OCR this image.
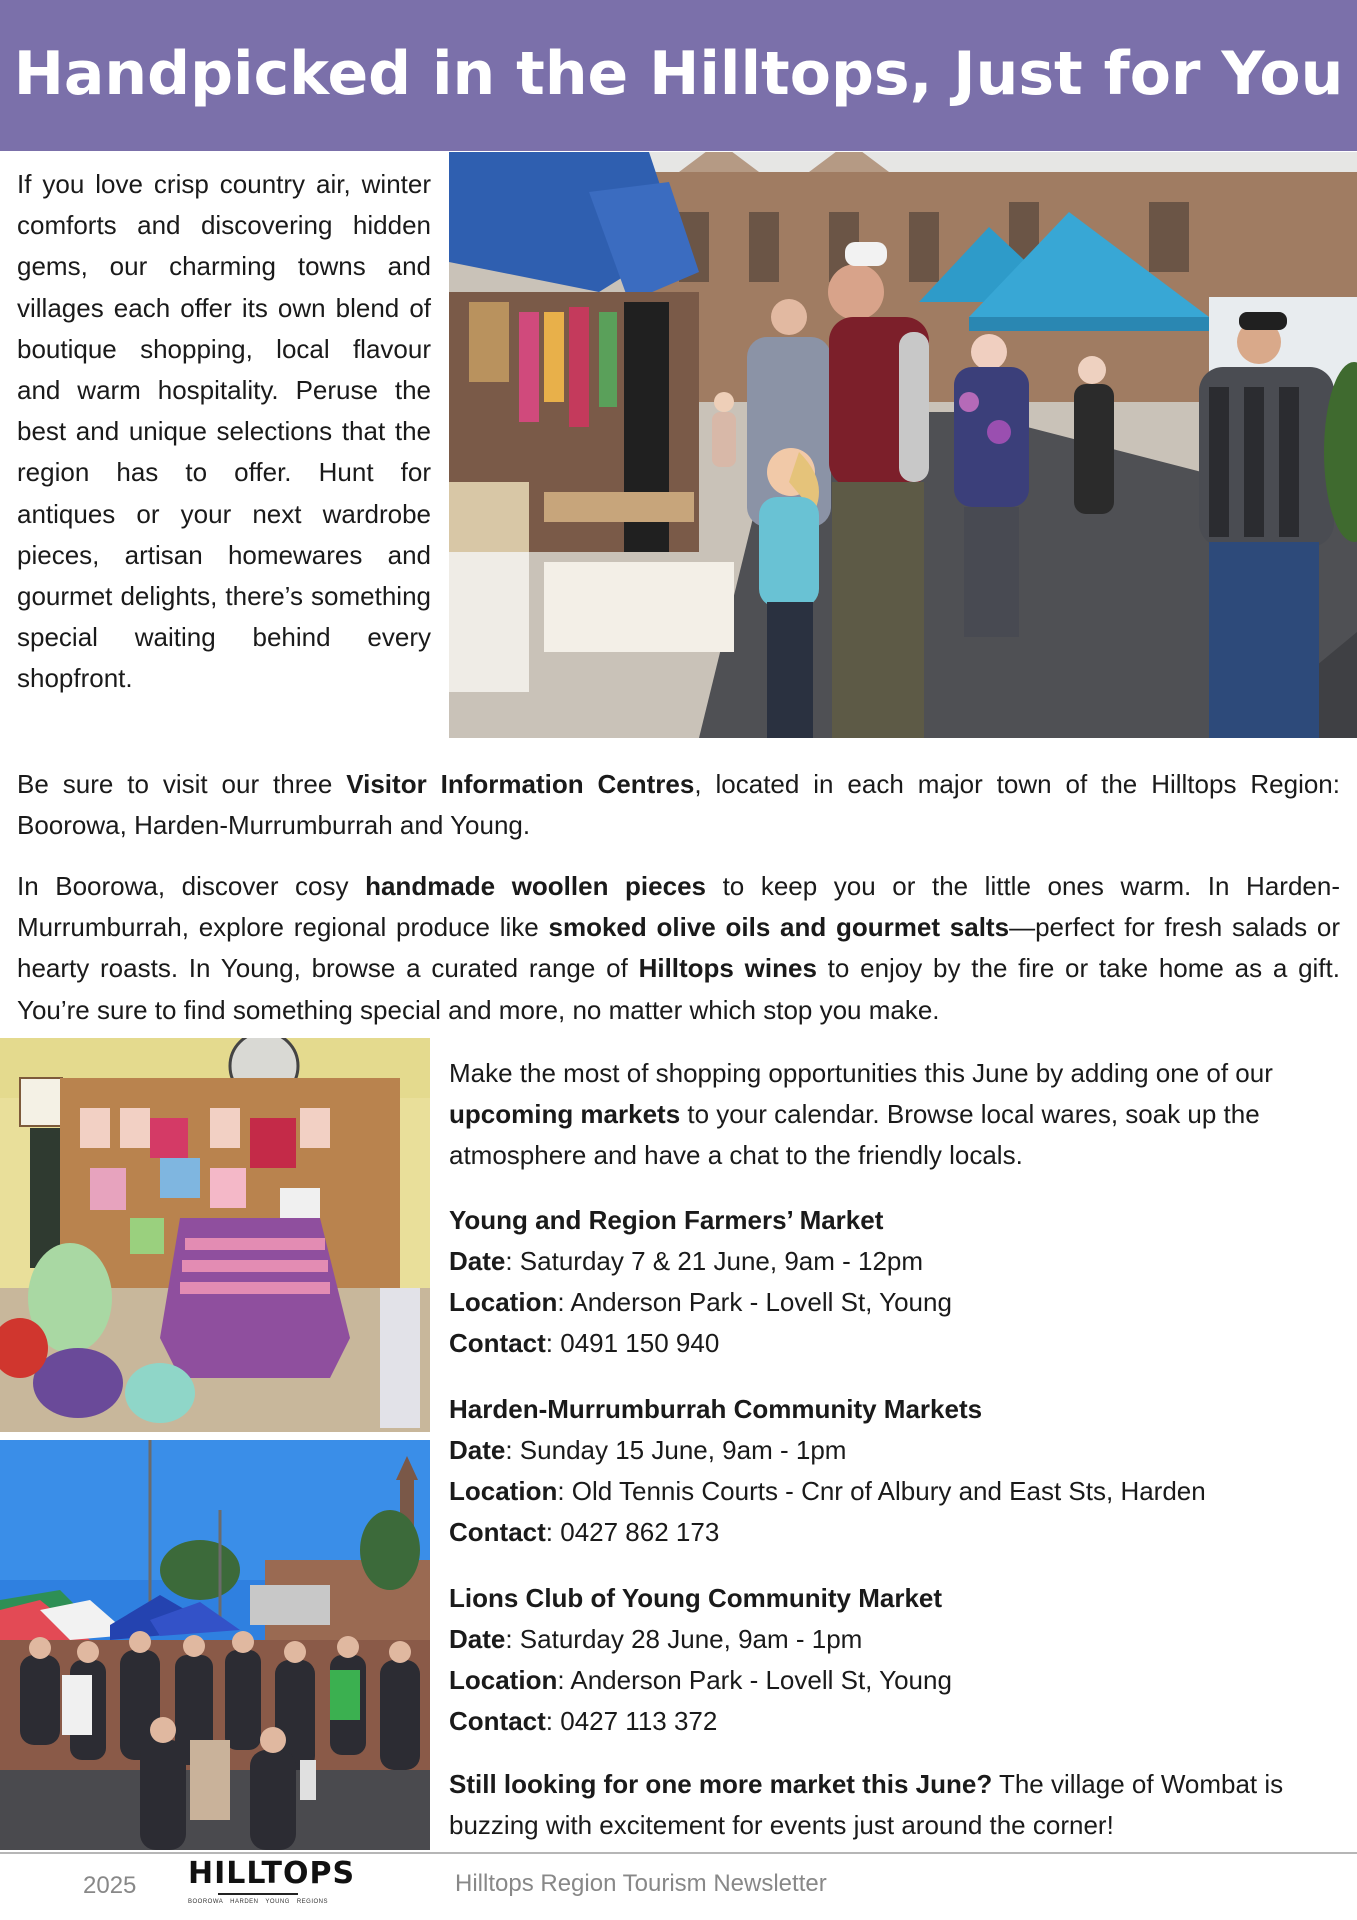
Handpicked in the Hilltops, Just for You

If you love crisp country air, winter comforts and discovering hidden gems, our charming towns and villages each offer its own blend of boutique shopping, local flavour and warm hospitality. Peruse the best and unique selections that the region has to offer. Hunt for antiques or your next wardrobe pieces, artisan homewares and gourmet delights, there’s something special waiting behind every shopfront.

Be sure to visit our three Visitor Information Centres, located in each major town of the Hilltops Region: Boorowa, Harden-Murrumburrah and Young.

In Boorowa, discover cosy handmade woollen pieces to keep you or the little ones warm. In Harden-Murrumburrah, explore regional produce like smoked olive oils and gourmet salts—perfect for fresh salads or hearty roasts. In Young, browse a curated range of Hilltops wines to enjoy by the fire or take home as a gift. You’re sure to find something special and more, no matter which stop you make.

Make the most of shopping opportunities this June by adding one of our upcoming markets to your calendar. Browse local wares, soak up the atmosphere and have a chat to the friendly locals.

Young and Region Farmers’ Market
Date: Saturday 7 & 21 June, 9am - 12pm
Location: Anderson Park - Lovell St, Young
Contact: 0491 150 940
Harden-Murrumburrah Community Markets
Date: Sunday 15 June, 9am - 1pm
Location: Old Tennis Courts - Cnr of Albury and East Sts, Harden
Contact: 0427 862 173
Lions Club of Young Community Market
Date: Saturday 28 June, 9am - 1pm
Location: Anderson Park - Lovell St, Young
Contact: 0427 113 372

Still looking for one more market this June? The village of Wombat is buzzing with excitement for events just around the corner!

2025 HILLTOPS
BOOROWA HARDEN YOUNG REGIONS
Hilltops Region Tourism Newsletter
